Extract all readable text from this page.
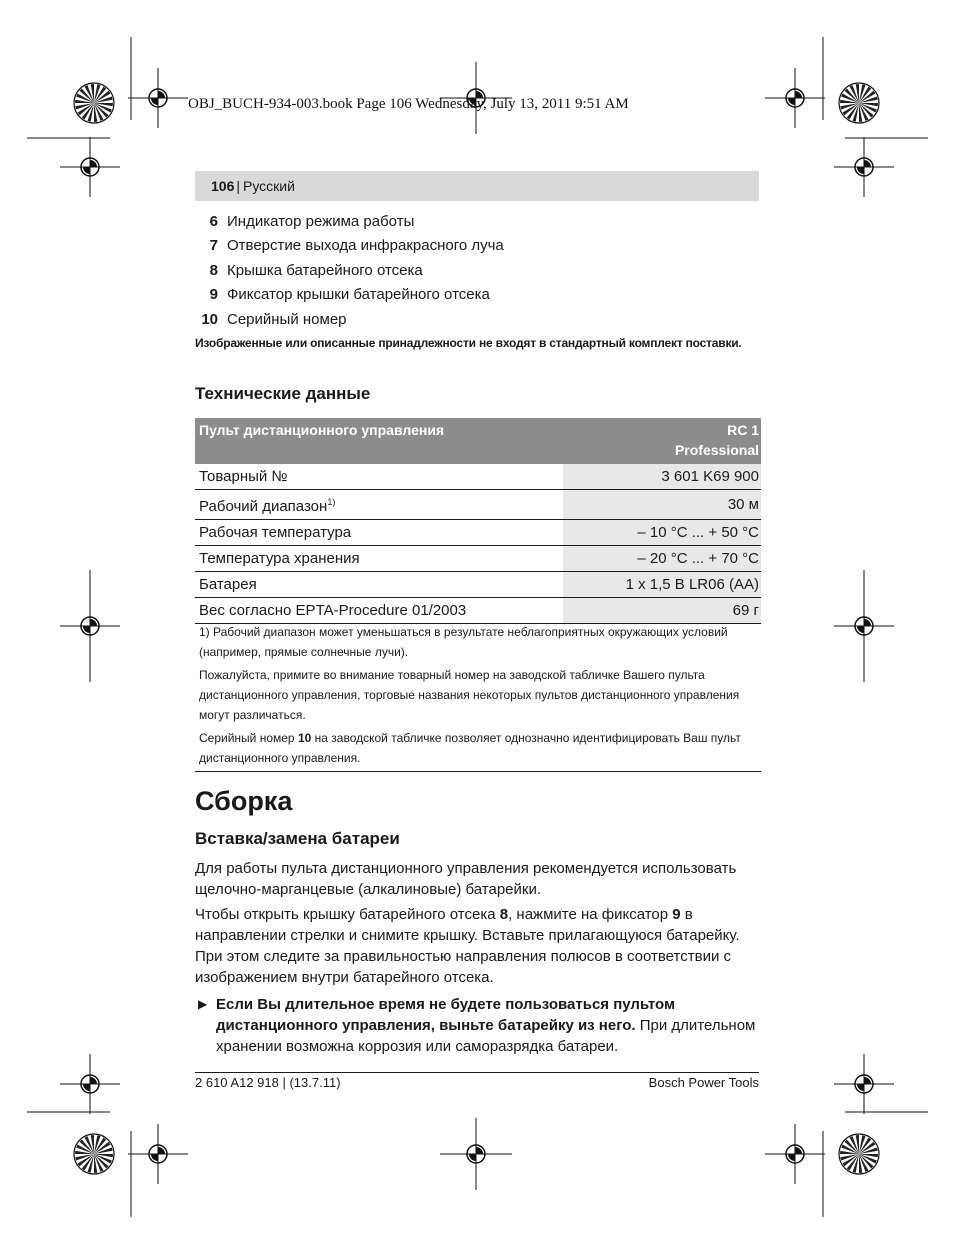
OBJ_BUCH-934-003.book Page 106 Wednesday, July 13, 2011 9:51 AM
106 | Русский
6 Индикатор режима работы
7 Отверстие выхода инфракрасного луча
8 Крышка батарейного отсека
9 Фиксатор крышки батарейного отсека
10 Серийный номер
Изображенные или описанные принадлежности не входят в стандартный комплект поставки.
Технические данные
Пульт дистанционного управления	RC 1
Professional
Товарный №	3 601 K69 900
Рабочий диапазон$^{1)}$	30 м
Рабочая температура	– 10 °C ... + 50 °C
Температура хранения	– 20 °C ... + 70 °C
Батарея	1 x 1,5 В LR06 (AA)
Вес согласно EPTA-Procedure 01/2003	69 г

1) Рабочий диапазон может уменьшаться в результате неблагоприятных окружающих условий (например, прямые солнечные лучи).

Пожалуйста, примите во внимание товарный номер на заводской табличке Вашего пульта дистанционного управления, торговые названия некоторых пультов дистанционного управления могут различаться.

Серийный номер 10 на заводской табличке позволяет однозначно идентифицировать Ваш пульт дистанционного управления.

Сборка
Вставка/замена батареи
Для работы пульта дистанционного управления рекомендуется использовать щелочно-марганцевые (алкалиновые) батарейки.
Чтобы открыть крышку батарейного отсека 8, нажмите на фиксатор 9 в направлении стрелки и снимите крышку. Вставьте прилагающуюся батарейку. При этом следите за правильностью направления полюсов в соответствии с изображением внутри батарейного отсека.
▶ Если Вы длительное время не будете пользоваться пультом дистанционного управления, выньте батарейку из него. При длительном хранении возможна коррозия или саморазрядка батареи.
2 610 A12 918 | (13.7.11)	Bosch Power Tools
